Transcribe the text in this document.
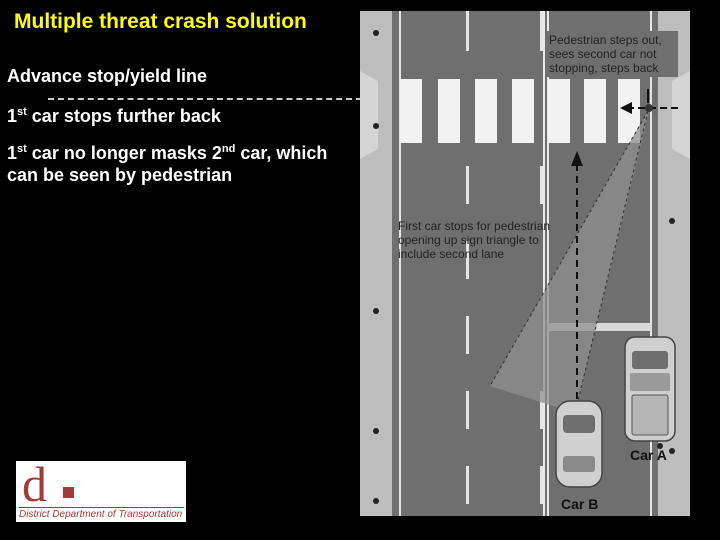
Multiple threat crash solution
Advance stop/yield line
1st car stops further back
1st car no longer masks 2nd car, which can be seen by pedestrian
d
District Department of Transportation
Pedestrian steps out,
sees second car not
stopping, steps back
First car stops for pedestrian
opening up sign triangle to
include second lane
Car A
Car B
